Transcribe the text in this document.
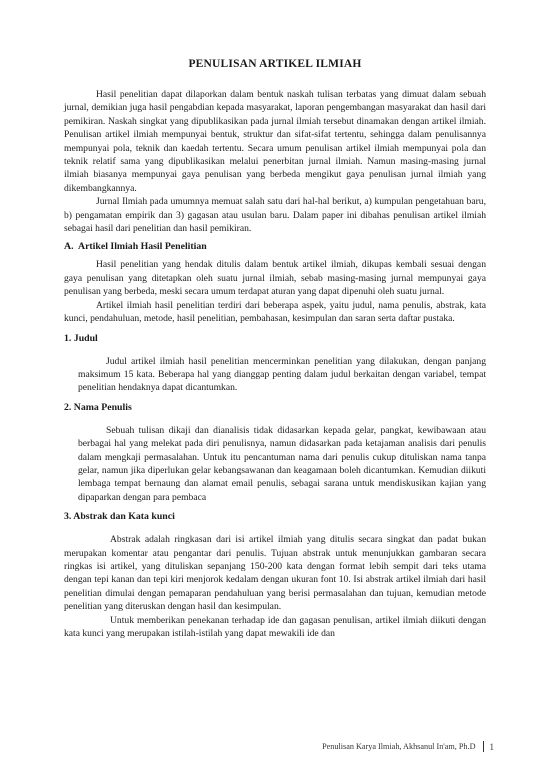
PENULISAN ARTIKEL ILMIAH

Hasil penelitian dapat dilaporkan dalam bentuk naskah tulisan terbatas yang dimuat dalam sebuah jurnal, demikian juga hasil pengabdian kepada masyarakat, laporan pengembangan masyarakat dan hasil dari pemikiran. Naskah singkat yang dipublikasikan pada jurnal ilmiah tersebut dinamakan dengan artikel ilmiah. Penulisan artikel ilmiah mempunyai bentuk, struktur dan sifat-sifat tertentu, sehingga dalam penulisannya mempunyai pola, teknik dan kaedah tertentu. Secara umum penulisan artikel ilmiah mempunyai pola dan teknik relatif sama yang dipublikasikan melalui penerbitan jurnal ilmiah. Namun masing-masing jurnal ilmiah biasanya mempunyai gaya penulisan yang berbeda mengikut gaya penulisan jurnal ilmiah yang dikembangkannya.

Jurnal Ilmiah pada umumnya memuat salah satu dari hal-hal berikut, a) kumpulan pengetahuan baru, b) pengamatan empirik dan 3) gagasan atau usulan baru. Dalam paper ini dibahas penulisan artikel ilmiah sebagai hasil dari penelitian dan hasil pemikiran.

A. Artikel Ilmiah Hasil Penelitian

Hasil penelitian yang hendak ditulis dalam bentuk artikel ilmiah, dikupas kembali sesuai dengan gaya penulisan yang ditetapkan oleh suatu jurnal ilmiah, sebab masing-masing jurnal mempunyai gaya penulisan yang berbeda, meski secara umum terdapat aturan yang dapat dipenuhi oleh suatu jurnal.

Artikel ilmiah hasil penelitian terdiri dari beberapa aspek, yaitu judul, nama penulis, abstrak, kata kunci, pendahuluan, metode, hasil penelitian, pembahasan, kesimpulan dan saran serta daftar pustaka.

1. Judul

Judul artikel ilmiah hasil penelitian mencerminkan penelitian yang dilakukan, dengan panjang maksimum 15 kata. Beberapa hal yang dianggap penting dalam judul berkaitan dengan variabel, tempat penelitian hendaknya dapat dicantumkan.

2. Nama Penulis

Sebuah tulisan dikaji dan dianalisis tidak didasarkan kepada gelar, pangkat, kewibawaan atau berbagai hal yang melekat pada diri penulisnya, namun didasarkan pada ketajaman analisis dari penulis dalam mengkaji permasalahan. Untuk itu pencantuman nama dari penulis cukup dituliskan nama tanpa gelar, namun jika diperlukan gelar kebangsawanan dan keagamaan boleh dicantumkan. Kemudian diikuti lembaga tempat bernaung dan alamat email penulis, sebagai sarana untuk mendiskusikan kajian yang dipaparkan dengan para pembaca

3. Abstrak dan Kata kunci

Abstrak adalah ringkasan dari isi artikel ilmiah yang ditulis secara singkat dan padat bukan merupakan komentar atau pengantar dari penulis. Tujuan abstrak untuk menunjukkan gambaran secara ringkas isi artikel, yang dituliskan sepanjang 150-200 kata dengan format lebih sempit dari teks utama dengan tepi kanan dan tepi kiri menjorok kedalam dengan ukuran font 10. Isi abstrak artikel ilmiah dari hasil penelitian dimulai dengan pemaparan pendahuluan yang berisi permasalahan dan tujuan, kemudian metode penelitian yang diteruskan dengan hasil dan kesimpulan.

Untuk memberikan penekanan terhadap ide dan gagasan penulisan, artikel ilmiah diikuti dengan kata kunci yang merupakan istilah-istilah yang dapat mewakili ide dan

Penulisan Karya Ilmiah, Akhsanul In'am, Ph.D 1
